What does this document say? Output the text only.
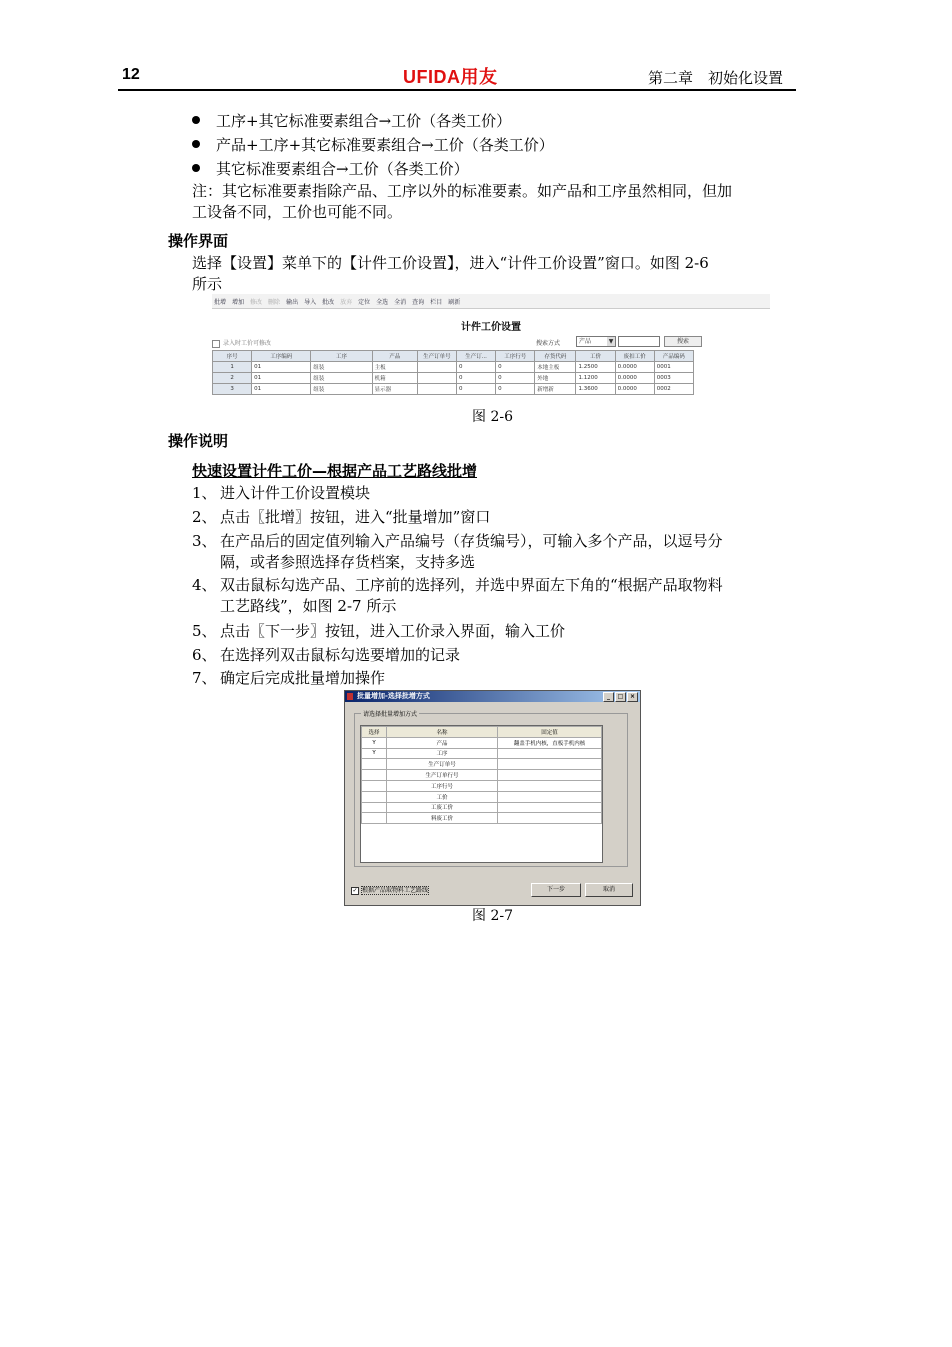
12	UFIDA用友	第二章　初始化设置
工序+其它标准要素组合→工价（各类工价）
产品+工序+其它标准要素组合→工价（各类工价）
其它标准要素组合→工价（各类工价）
注：其它标准要素指除产品、工序以外的标准要素。如产品和工序虽然相同，但加
工设备不同，工价也可能不同。
操作界面
选择【设置】菜单下的【计件工价设置】，进入“计件工价设置”窗口。如图 2-6
所示
批增 增加 修改 删除 输出 导入 批改 放弃 定位 全选 全消 查询 栏目 刷新
计件工价设置
录入时工价可修改	搜索方式	产品	▼	搜索
序号	工序编码	工序	产品	生产订单号	生产订...	工序行号	存货代码	工价	废扣工价	产品编码
1	01	组装	主板		0	0	本地主板	1.2500	0.0000	0001
2	01	组装	机箱		0	0	外地	1.1200	0.0000	0003
3	01	组装	显示器		0	0	新增新	1.3600	0.0000	0002
图 2-6
操作说明
快速设置计件工价—根据产品工艺路线批增
1、 进入计件工价设置模块
2、 点击〖批增〗按钮，进入“批量增加”窗口
3、 在产品后的固定值列输入产品编号（存货编号），可输入多个产品，以逗号分
隔，或者参照选择存货档案，支持多选
4、 双击鼠标勾选产品、工序前的选择列，并选中界面左下角的“根据产品取物料
工艺路线”，如图 2-7 所示
5、 点击〖下一步〗按钮，进入工价录入界面，输入工价
6、 在选择列双击鼠标勾选要增加的记录
7、 确定后完成批量增加操作
批量增加-选择批增方式	_	□	×
请选择批量增加方式
选择	名称	固定值
Y	产品	翻盖手机内核，直板手机内核
Y	工序	
	生产订单号	
	生产订单行号	
	工序行号	
	工价	
	工废工价	
	料废工价	
✓ 根据产品取物料工艺路线	下一步	取消
图 2-7
